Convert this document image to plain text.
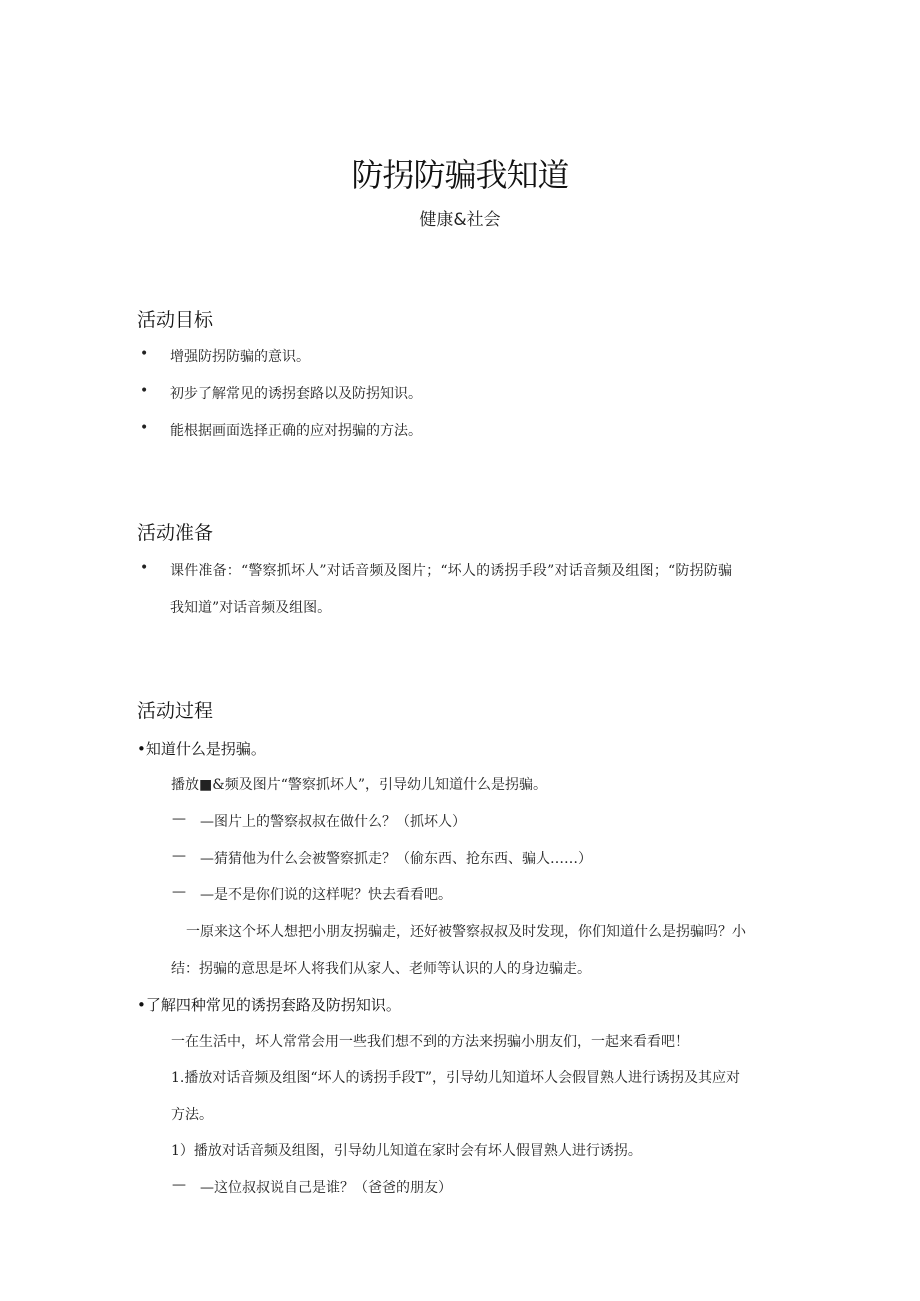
防拐防骗我知道
健康&社会
活动目标
• 增强防拐防骗的意识。
• 初步了解常见的诱拐套路以及防拐知识。
• 能根据画面选择正确的应对拐骗的方法。
活动准备
• 课件准备：“警察抓坏人”对话音频及图片；“坏人的诱拐手段”对话音频及组图；“防拐防骗
我知道”对话音频及组图。
活动过程
•知道什么是拐骗。
播放■&频及图片“警察抓坏人”，引导幼儿知道什么是拐骗。
— —图片上的警察叔叔在做什么？（抓坏人）
— —猜猜他为什么会被警察抓走？（偷东西、抢东西、骗人……）
— —是不是你们说的这样呢？快去看看吧。
一原来这个坏人想把小朋友拐骗走，还好被警察叔叔及时发现，你们知道什么是拐骗吗？小
结：拐骗的意思是坏人将我们从家人、老师等认识的人的身边骗走。
•了解四种常见的诱拐套路及防拐知识。
一在生活中，坏人常常会用一些我们想不到的方法来拐骗小朋友们，一起来看看吧！
1.播放对话音频及组图“坏人的诱拐手段T”，引导幼儿知道坏人会假冒熟人进行诱拐及其应对
方法。
1）播放对话音频及组图，引导幼儿知道在家时会有坏人假冒熟人进行诱拐。
— —这位叔叔说自己是谁？（爸爸的朋友）
